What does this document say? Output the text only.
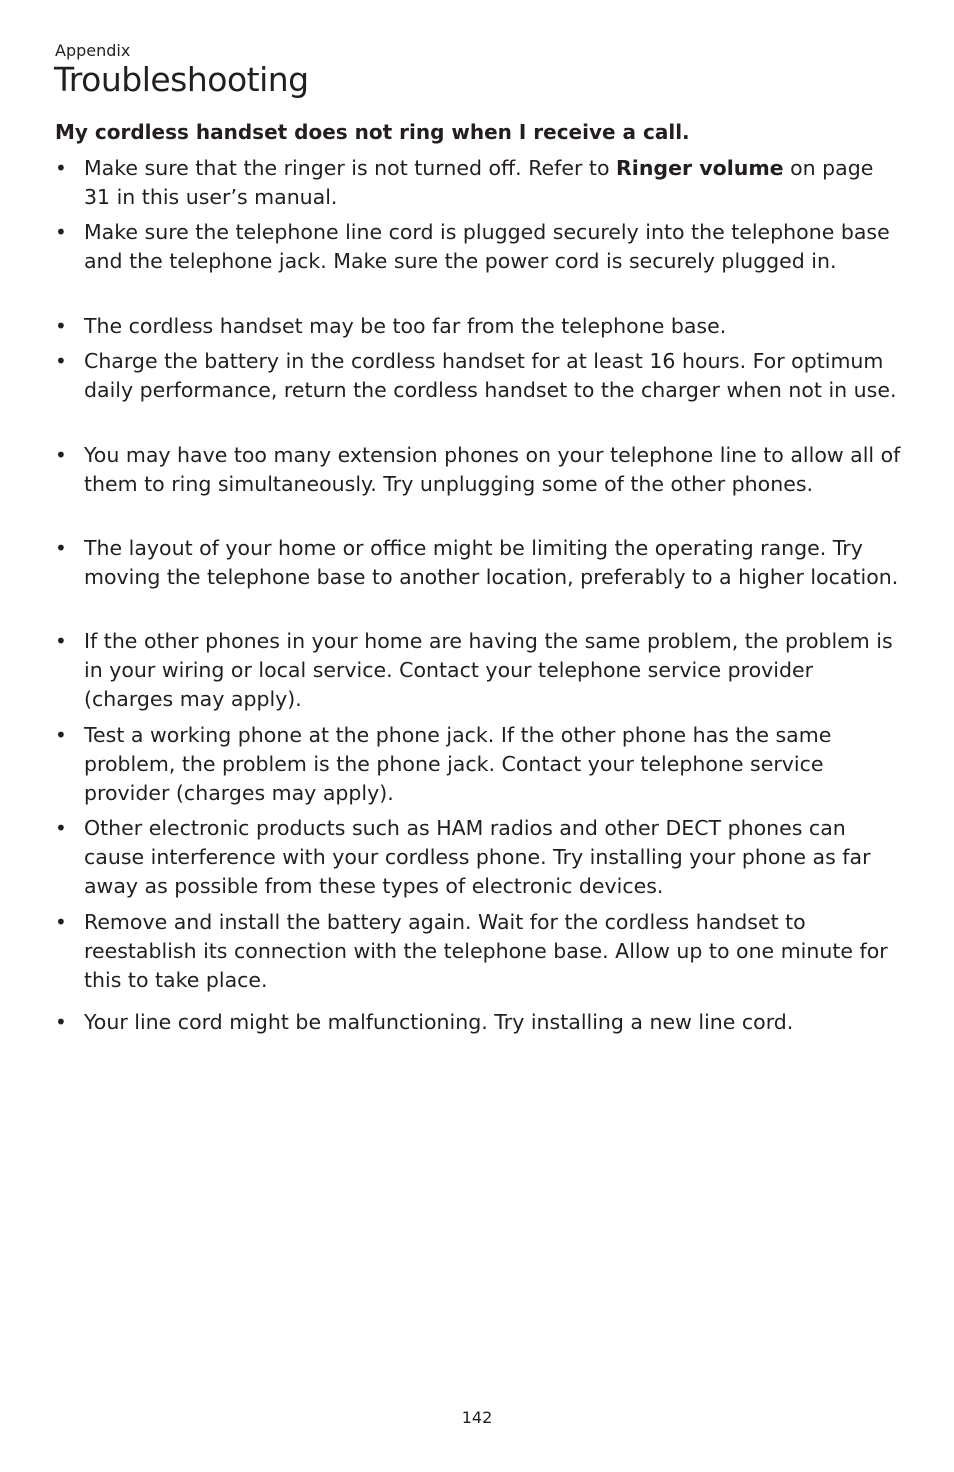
Appendix
Troubleshooting
My cordless handset does not ring when I receive a call.
• Make sure that the ringer is not turned off. Refer to Ringer volume on page 31 in this user’s manual.
• Make sure the telephone line cord is plugged securely into the telephone base and the telephone jack. Make sure the power cord is securely plugged in.
• The cordless handset may be too far from the telephone base.
• Charge the battery in the cordless handset for at least 16 hours. For optimum daily performance, return the cordless handset to the charger when not in use.
• You may have too many extension phones on your telephone line to allow all of them to ring simultaneously. Try unplugging some of the other phones.
• The layout of your home or office might be limiting the operating range. Try moving the telephone base to another location, preferably to a higher location.
• If the other phones in your home are having the same problem, the problem is in your wiring or local service. Contact your telephone service provider (charges may apply).
• Test a working phone at the phone jack. If the other phone has the same problem, the problem is the phone jack. Contact your telephone service provider (charges may apply).
• Other electronic products such as HAM radios and other DECT phones can cause interference with your cordless phone. Try installing your phone as far away as possible from these types of electronic devices.
• Remove and install the battery again. Wait for the cordless handset to reestablish its connection with the telephone base. Allow up to one minute for this to take place.
• Your line cord might be malfunctioning. Try installing a new line cord.
142
